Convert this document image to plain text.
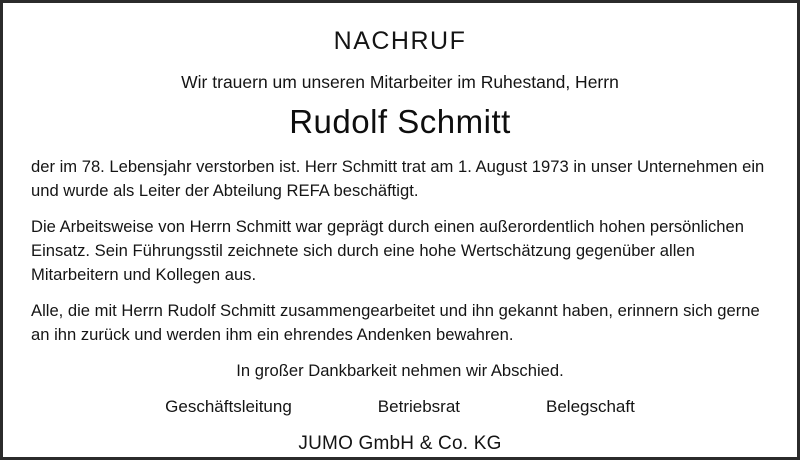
NACHRUF
Wir trauern um unseren Mitarbeiter im Ruhestand, Herrn
Rudolf Schmitt

der im 78. Lebensjahr verstorben ist. Herr Schmitt trat am 1. August 1973 in unser Unternehmen ein und wurde als Leiter der Abteilung REFA beschäftigt.

Die Arbeitsweise von Herrn Schmitt war geprägt durch einen außerordentlich hohen persönlichen Einsatz. Sein Führungsstil zeichnete sich durch eine hohe Wertschätzung gegenüber allen Mitarbeitern und Kollegen aus.

Alle, die mit Herrn Rudolf Schmitt zusammengearbeitet und ihn gekannt haben, erinnern sich gerne an ihn zurück und werden ihm ein ehrendes Andenken bewahren.

In großer Dankbarkeit nehmen wir Abschied.
Geschäftsleitung	Betriebsrat	Belegschaft
JUMO GmbH & Co. KG
